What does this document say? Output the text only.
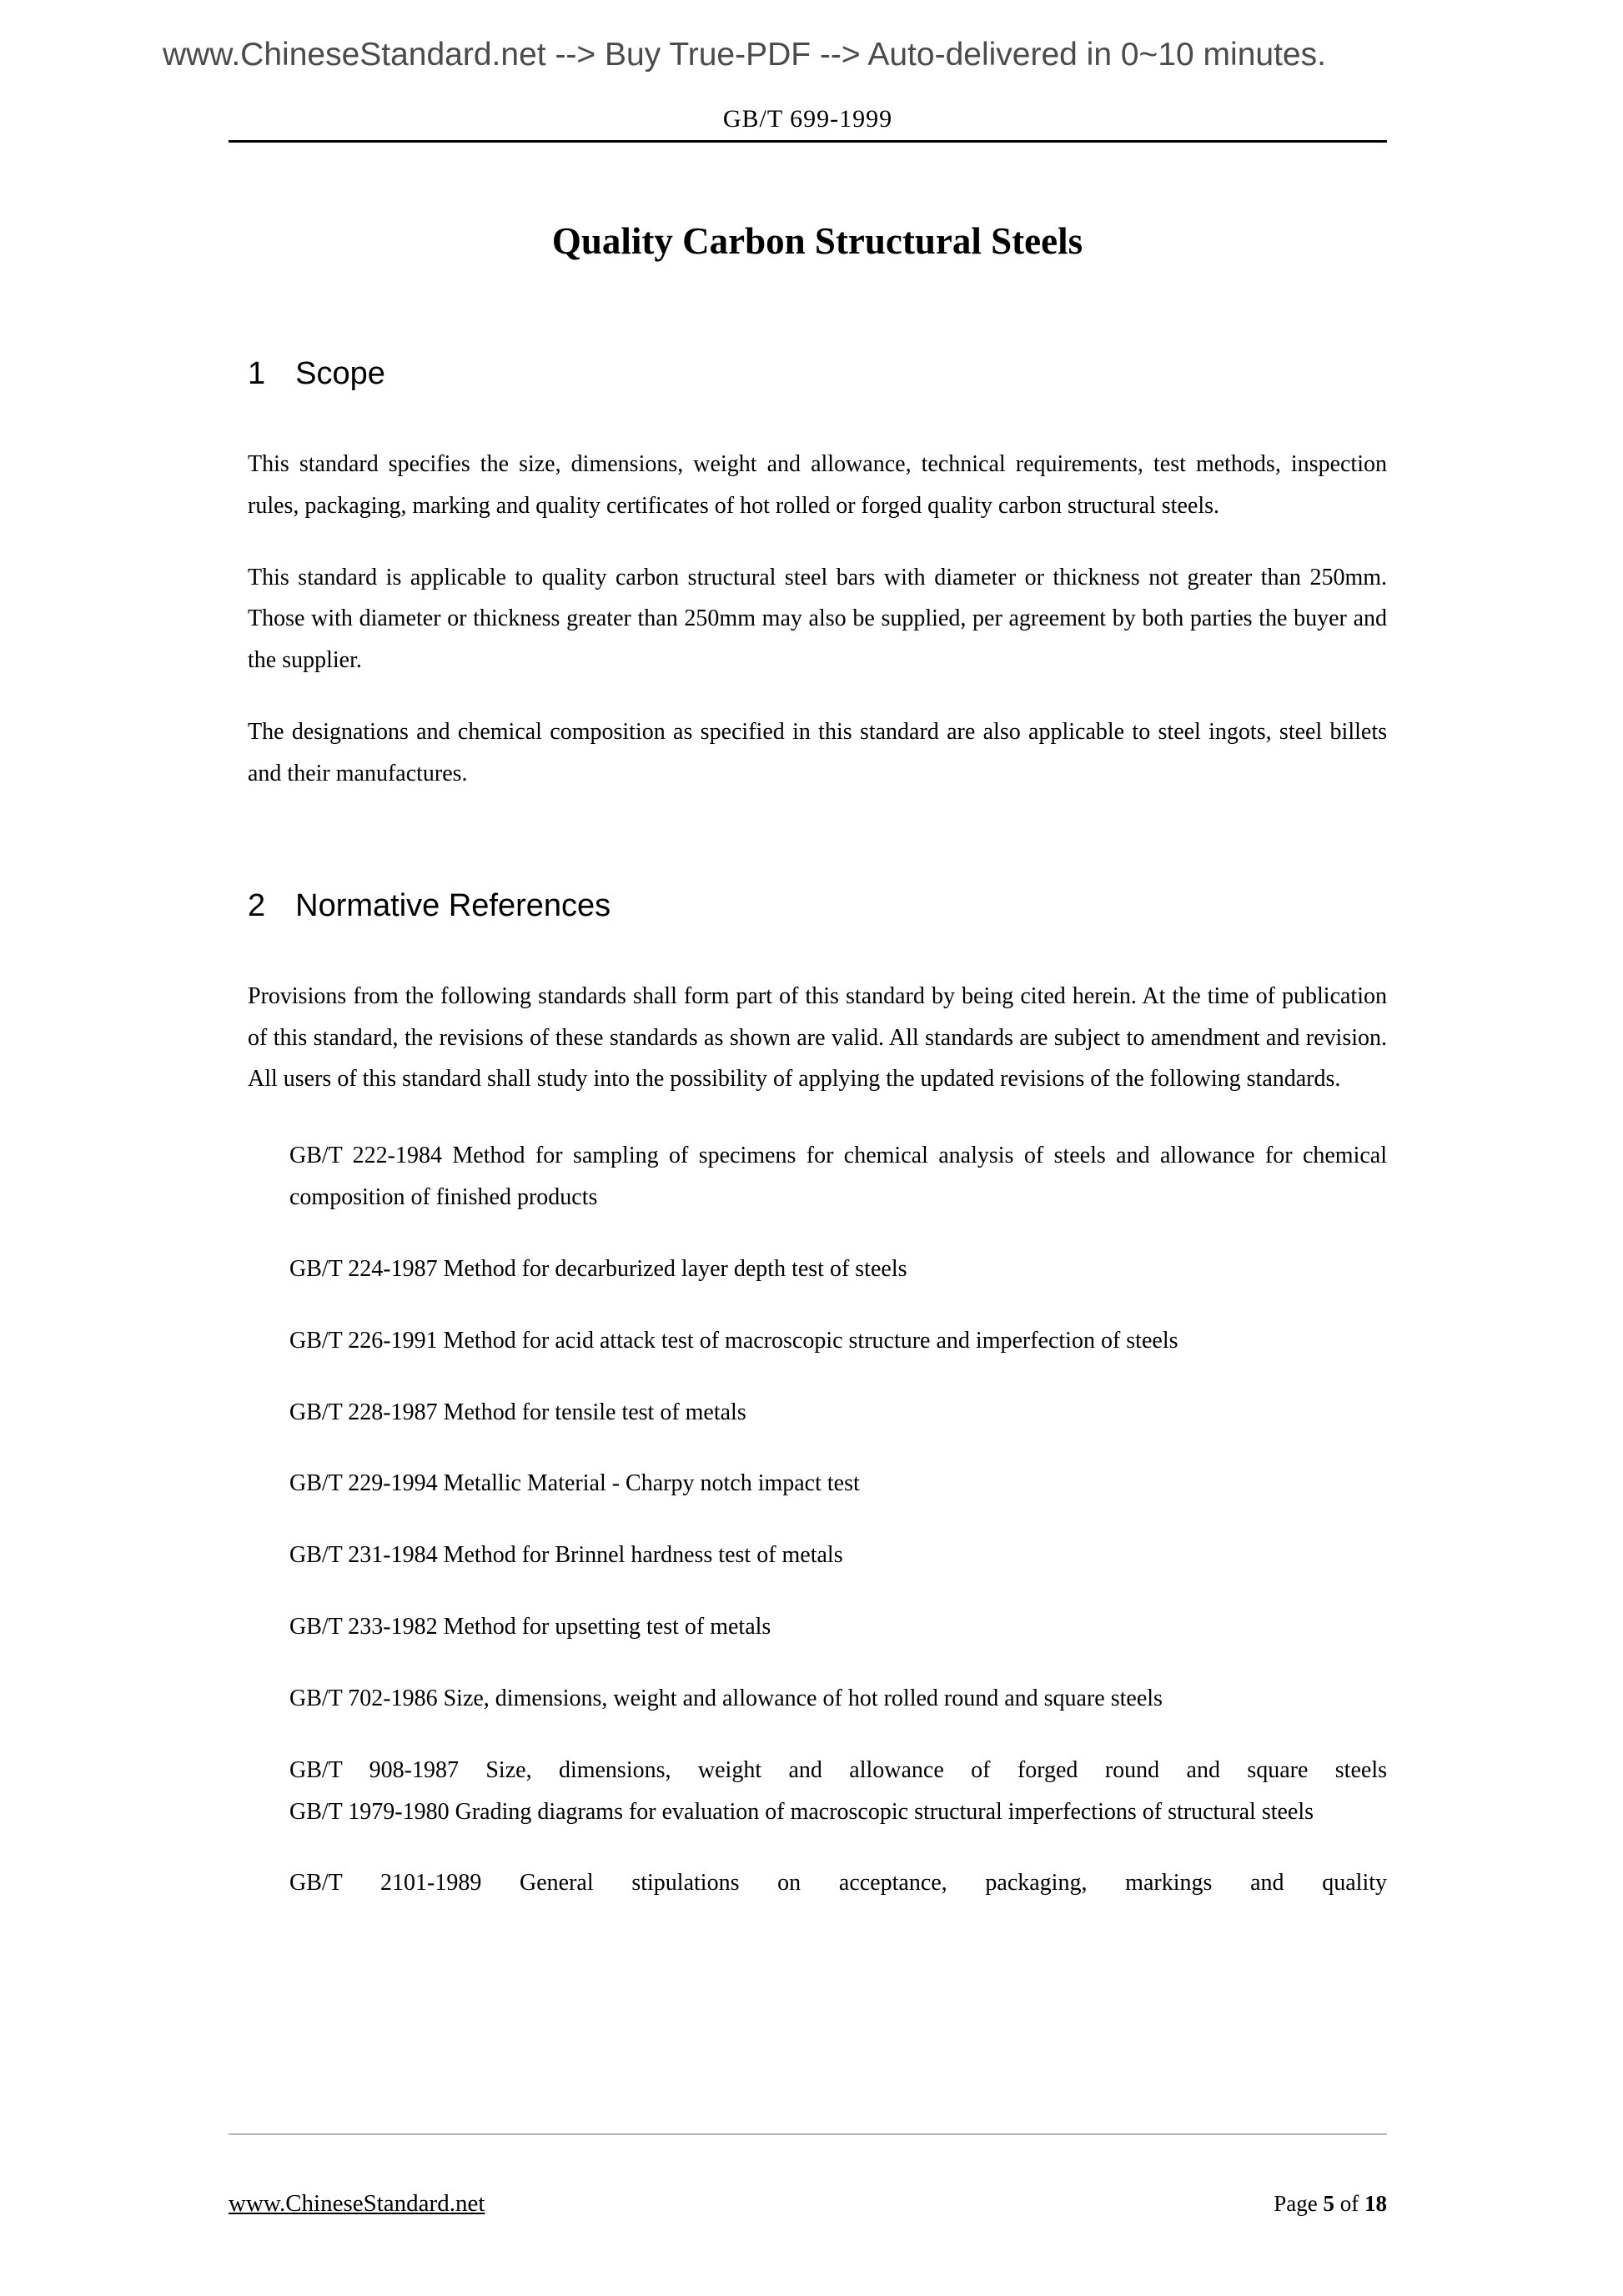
www.ChineseStandard.net --> Buy True-PDF --> Auto-delivered in 0~10 minutes.
GB/T 699-1999
Quality Carbon Structural Steels
1 Scope

This standard specifies the size, dimensions, weight and allowance, technical requirements, test methods, inspection rules, packaging, marking and quality certificates of hot rolled or forged quality carbon structural steels.

This standard is applicable to quality carbon structural steel bars with diameter or thickness not greater than 250mm. Those with diameter or thickness greater than 250mm may also be supplied, per agreement by both parties the buyer and the supplier.

The designations and chemical composition as specified in this standard are also applicable to steel ingots, steel billets and their manufactures.

2 Normative References

Provisions from the following standards shall form part of this standard by being cited herein. At the time of publication of this standard, the revisions of these standards as shown are valid. All standards are subject to amendment and revision. All users of this standard shall study into the possibility of applying the updated revisions of the following standards.

GB/T 222-1984 Method for sampling of specimens for chemical analysis of steels and allowance for chemical composition of finished products

GB/T 224-1987 Method for decarburized layer depth test of steels

GB/T 226-1991 Method for acid attack test of macroscopic structure and imperfection of steels

GB/T 228-1987 Method for tensile test of metals

GB/T 229-1994 Metallic Material - Charpy notch impact test

GB/T 231-1984 Method for Brinnel hardness test of metals

GB/T 233-1982 Method for upsetting test of metals

GB/T 702-1986 Size, dimensions, weight and allowance of hot rolled round and square steels

GB/T 908-1987 Size, dimensions, weight and allowance of forged round and square steels

GB/T 1979-1980 Grading diagrams for evaluation of macroscopic structural imperfections of structural steels

GB/T 2101-1989 General stipulations on acceptance, packaging, markings and quality

www.ChineseStandard.net	Page 5 of 18
